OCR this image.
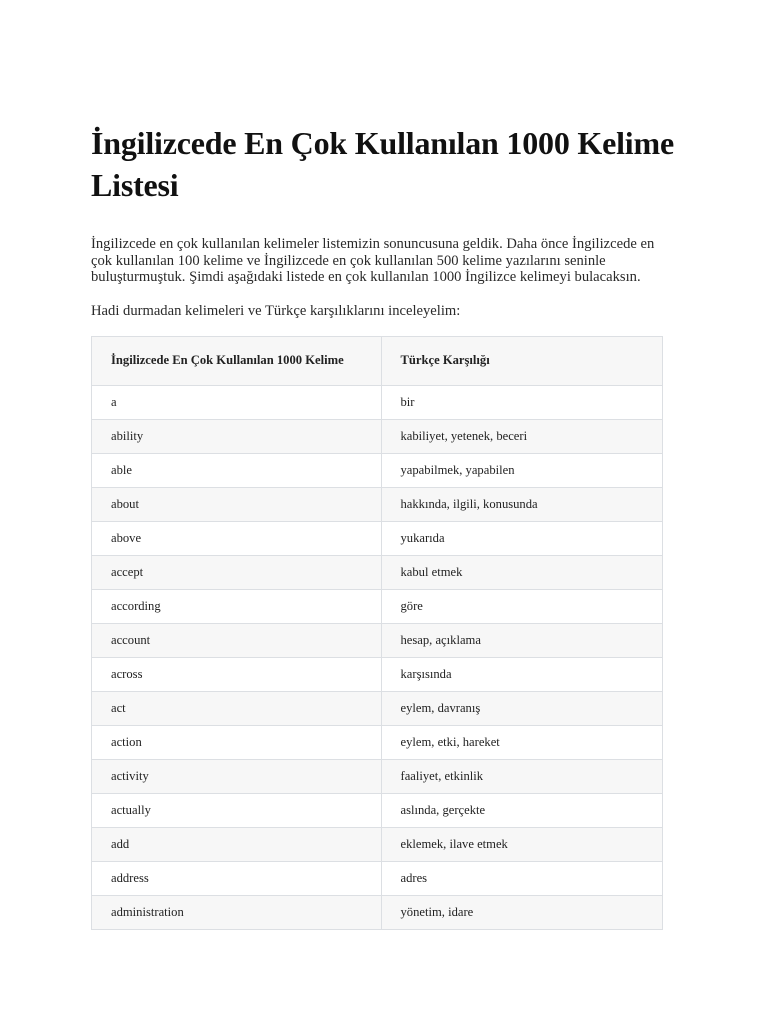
İngilizcede En Çok Kullanılan 1000 Kelime Listesi

İngilizcede en çok kullanılan kelimeler listemizin sonuncusuna geldik. Daha önce İngilizcede en çok kullanılan 100 kelime ve İngilizcede en çok kullanılan 500 kelime yazılarını seninle buluşturmuştuk. Şimdi aşağıdaki listede en çok kullanılan 1000 İngilizce kelimeyi bulacaksın.

Hadi durmadan kelimeleri ve Türkçe karşılıklarını inceleyelim:

İngilizcede En Çok Kullanılan 1000 Kelime	Türkçe Karşılığı
a	bir
ability	kabiliyet, yetenek, beceri
able	yapabilmek, yapabilen
about	hakkında, ilgili, konusunda
above	yukarıda
accept	kabul etmek
according	göre
account	hesap, açıklama
across	karşısında
act	eylem, davranış
action	eylem, etki, hareket
activity	faaliyet, etkinlik
actually	aslında, gerçekte
add	eklemek, ilave etmek
address	adres
administration	yönetim, idare
